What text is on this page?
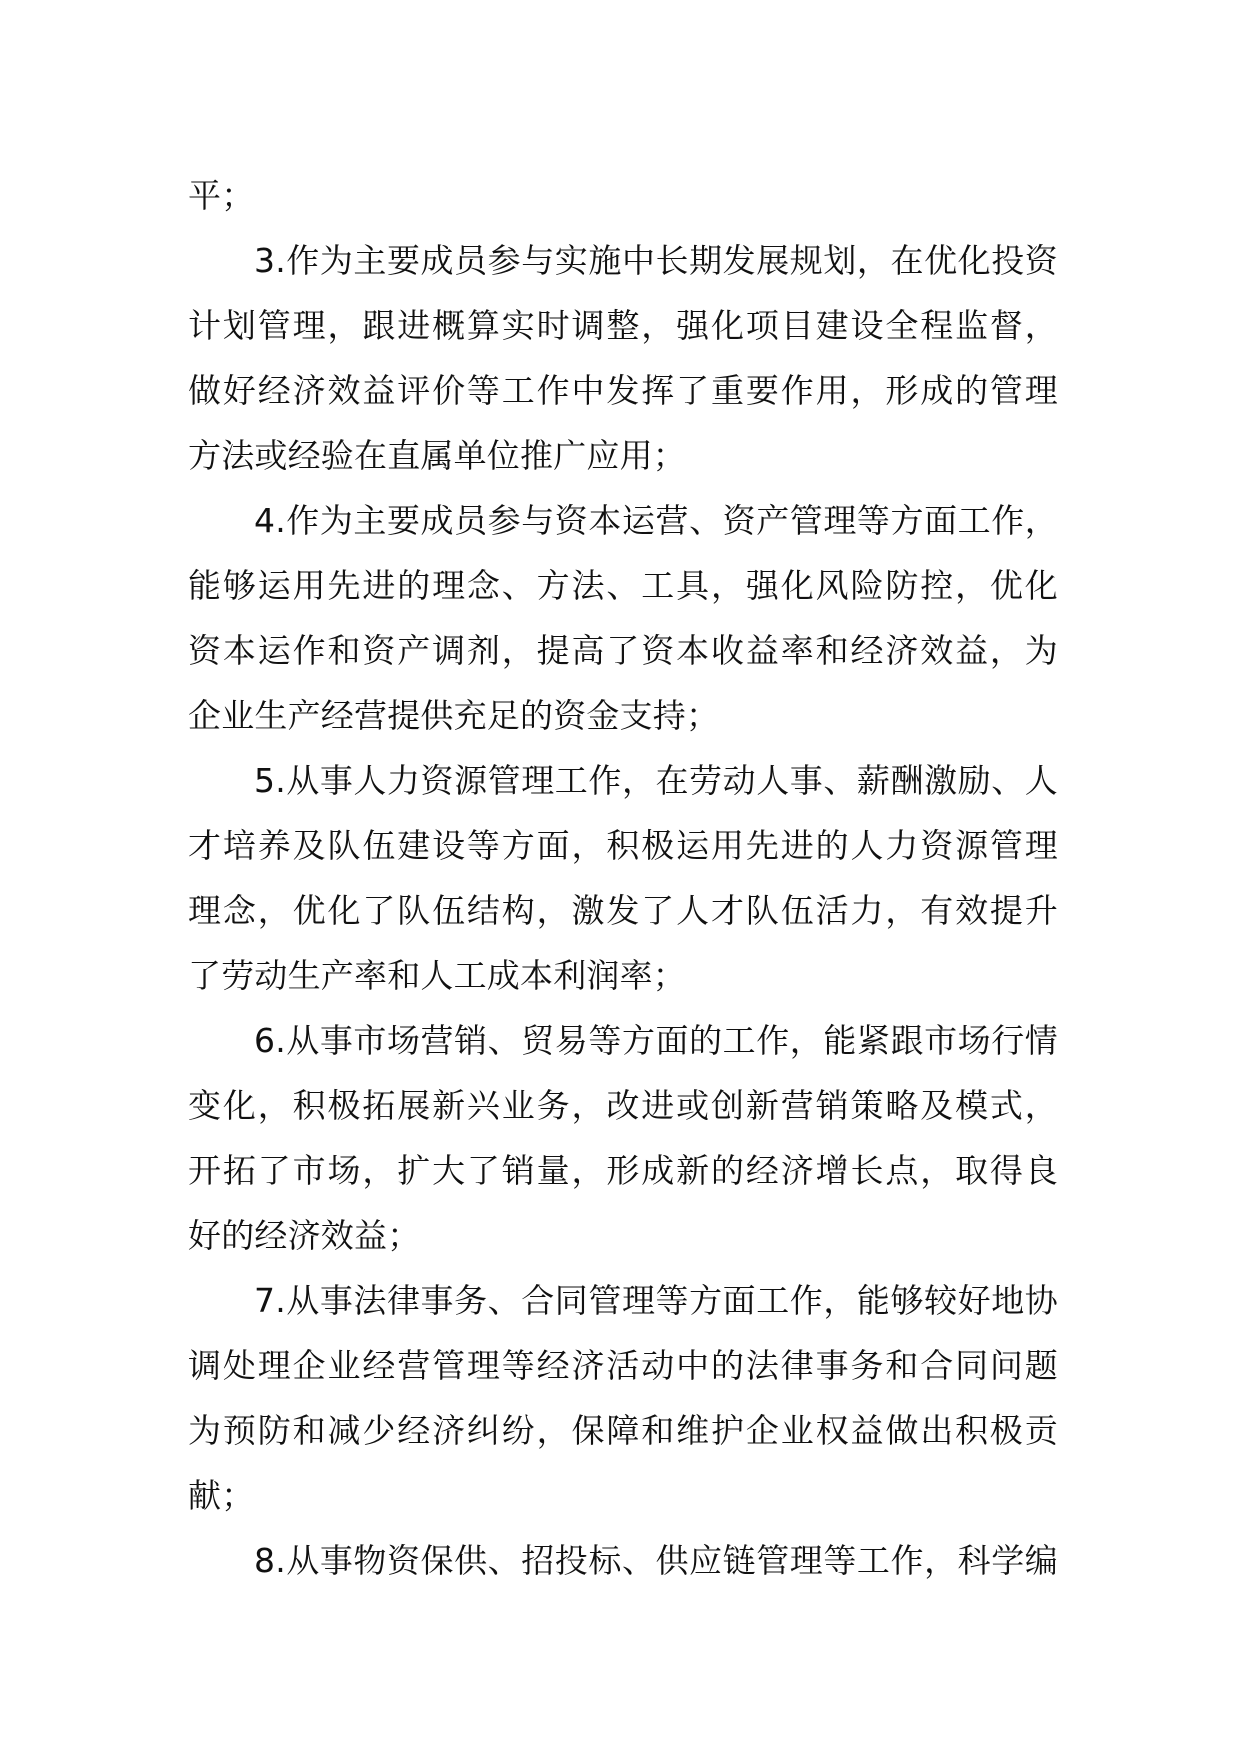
平；
3.作为主要成员参与实施中长期发展规划，在优化投资
计划管理，跟进概算实时调整，强化项目建设全程监督，
做好经济效益评价等工作中发挥了重要作用，形成的管理
方法或经验在直属单位推广应用；
4.作为主要成员参与资本运营、资产管理等方面工作，
能够运用先进的理念、方法、工具，强化风险防控，优化
资本运作和资产调剂，提高了资本收益率和经济效益，为
企业生产经营提供充足的资金支持；
5.从事人力资源管理工作，在劳动人事、薪酬激励、人
才培养及队伍建设等方面，积极运用先进的人力资源管理
理念，优化了队伍结构，激发了人才队伍活力，有效提升
了劳动生产率和人工成本利润率；
6.从事市场营销、贸易等方面的工作，能紧跟市场行情
变化，积极拓展新兴业务，改进或创新营销策略及模式，
开拓了市场，扩大了销量，形成新的经济增长点，取得良
好的经济效益；
7.从事法律事务、合同管理等方面工作，能够较好地协
调处理企业经营管理等经济活动中的法律事务和合同问题
为预防和减少经济纠纷，保障和维护企业权益做出积极贡
献；
8.从事物资保供、招投标、供应链管理等工作，科学编
